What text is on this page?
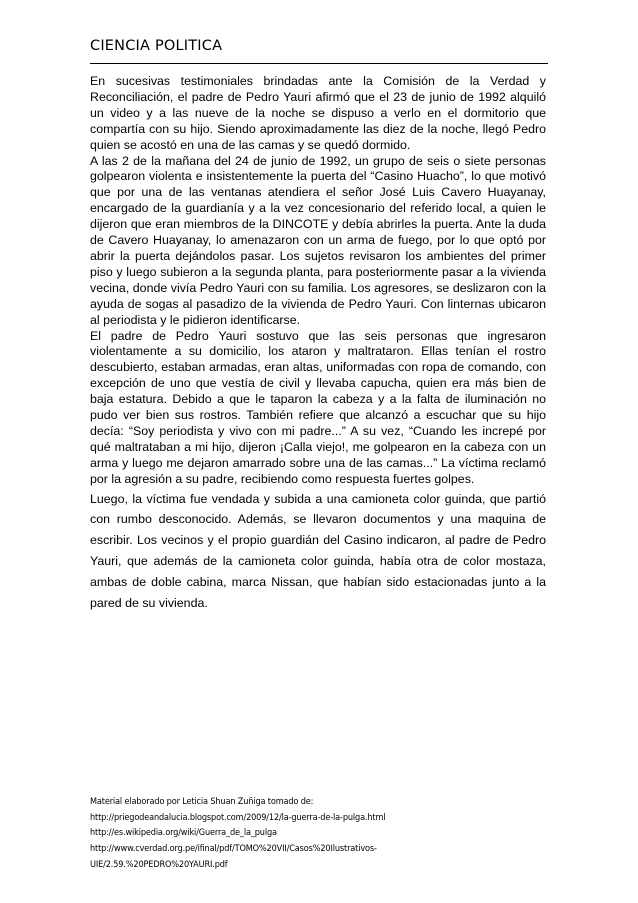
CIENCIA POLITICA

En sucesivas testimoniales brindadas ante la Comisión de la Verdad y Reconciliación, el padre de Pedro Yauri afirmó que el 23 de junio de 1992 alquiló un video y a las nueve de la noche se dispuso a verlo en el dormitorio que compartía con su hijo. Siendo aproximadamente las diez de la noche, llegó Pedro quien se acostó en una de las camas y se quedó dormido.

A las 2 de la mañana del 24 de junio de 1992, un grupo de seis o siete personas golpearon violenta e insistentemente la puerta del “Casino Huacho”, lo que motivó que por una de las ventanas atendiera el señor José Luis Cavero Huayanay, encargado de la guardianía y a la vez concesionario del referido local, a quien le dijeron que eran miembros de la DINCOTE y debía abrirles la puerta. Ante la duda de Cavero Huayanay, lo amenazaron con un arma de fuego, por lo que optó por abrir la puerta dejándolos pasar. Los sujetos revisaron los ambientes del primer piso y luego subieron a la segunda planta, para posteriormente pasar a la vivienda vecina, donde vivía Pedro Yauri con su familia. Los agresores, se deslizaron con la ayuda de sogas al pasadizo de la vivienda de Pedro Yauri. Con linternas ubicaron al periodista y le pidieron identificarse.

El padre de Pedro Yauri sostuvo que las seis personas que ingresaron violentamente a su domicilio, los ataron y maltrataron. Ellas tenían el rostro descubierto, estaban armadas, eran altas, uniformadas con ropa de comando, con excepción de uno que vestía de civil y llevaba capucha, quien era más bien de baja estatura. Debido a que le taparon la cabeza y a la falta de iluminación no pudo ver bien sus rostros. También refiere que alcanzó a escuchar que su hijo decía: “Soy periodista y vivo con mi padre...” A su vez, “Cuando les increpé por qué maltrataban a mi hijo, dijeron ¡Calla viejo!, me golpearon en la cabeza con un arma y luego me dejaron amarrado sobre una de las camas...” La víctima reclamó por la agresión a su padre, recibiendo como respuesta fuertes golpes.

Luego, la víctima fue vendada y subida a una camioneta color guinda, que partió con rumbo desconocido. Además, se llevaron documentos y una maquina de escribir. Los vecinos y el propio guardián del Casino indicaron, al padre de Pedro Yauri, que además de la camioneta color guinda, había otra de color mostaza, ambas de doble cabina, marca Nissan, que habían sido estacionadas junto a la pared de su vivienda.

Material elaborado por Leticia Shuan Zuñiga tomado de:
http://priegodeandalucia.blogspot.com/2009/12/la-guerra-de-la-pulga.html
http://es.wikipedia.org/wiki/Guerra_de_la_pulga
http://www.cverdad.org.pe/ifinal/pdf/TOMO%20VII/Casos%20Ilustrativos-
UIE/2.59.%20PEDRO%20YAURI.pdf
